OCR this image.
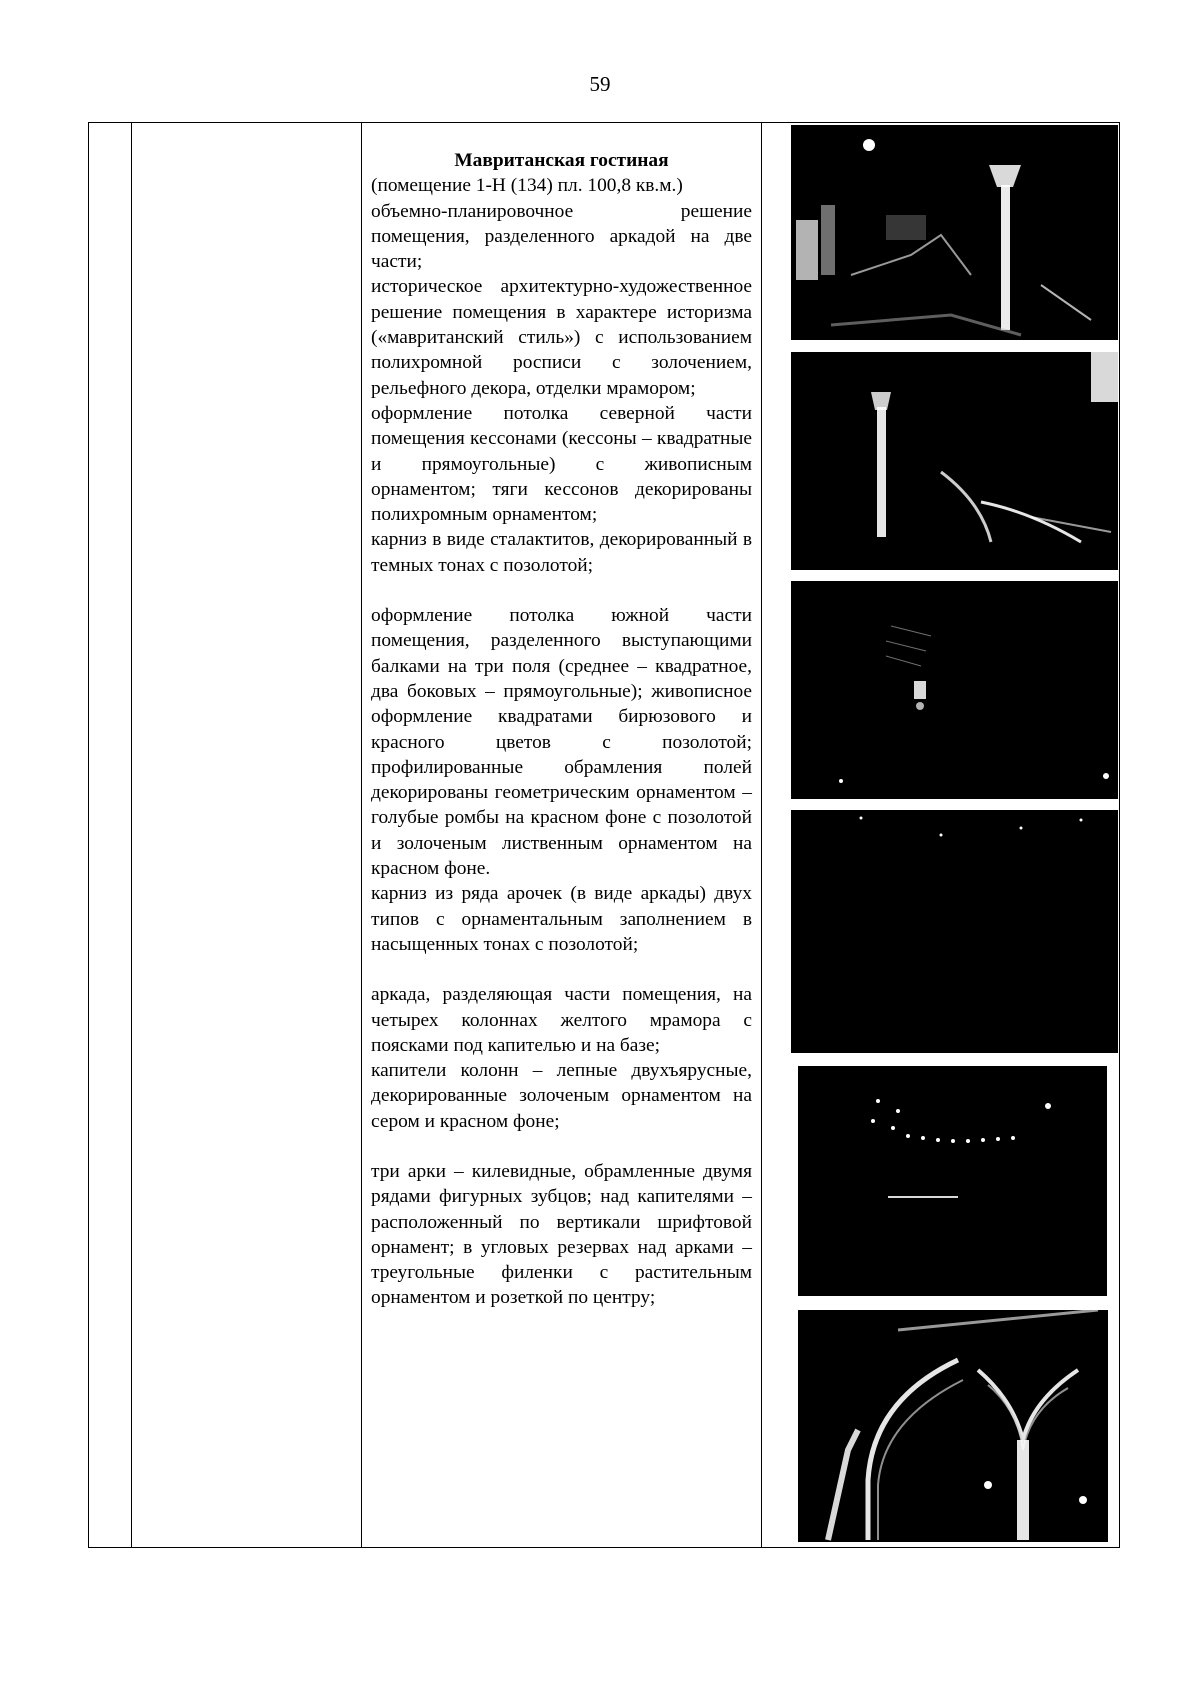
59
Мавританская гостиная
(помещение 1-Н (134) пл. 100,8 кв.м.)

объемно-планировочное решение помещения, разделенного аркадой на две части;

историческое архитектурно-художественное решение помещения в характере историзма («мавританский стиль») с использованием полихромной росписи с золочением, рельефного декора, отделки мрамором;

оформление потолка северной части помещения кессонами (кессоны – квадратные и прямоугольные) с живописным орнаментом; тяги кессонов декорированы полихромным орнаментом;

карниз в виде сталактитов, декорированный в темных тонах с позолотой;

оформление потолка южной части помещения, разделенного выступающими балками на три поля (среднее – квадратное, два боковых – прямоугольные); живописное оформление квадратами бирюзового и красного цветов с позолотой; профилированные обрамления полей декорированы геометрическим орнаментом – голубые ромбы на красном фоне с позолотой и золоченым лиственным орнаментом на красном фоне.

карниз из ряда арочек (в виде аркады) двух типов с орнаментальным заполнением в насыщенных тонах с позолотой;

аркада, разделяющая части помещения, на четырех колоннах желтого мрамора с поясками под капителью и на базе;

капители колонн – лепные двухъярусные, декорированные золоченым орнаментом на сером и красном фоне;

три арки – килевидные, обрамленные двумя рядами фигурных зубцов; над капителями – расположенный по вертикали шрифтовой орнамент; в угловых резервах над арками – треугольные филенки с растительным орнаментом и розеткой по центру;
